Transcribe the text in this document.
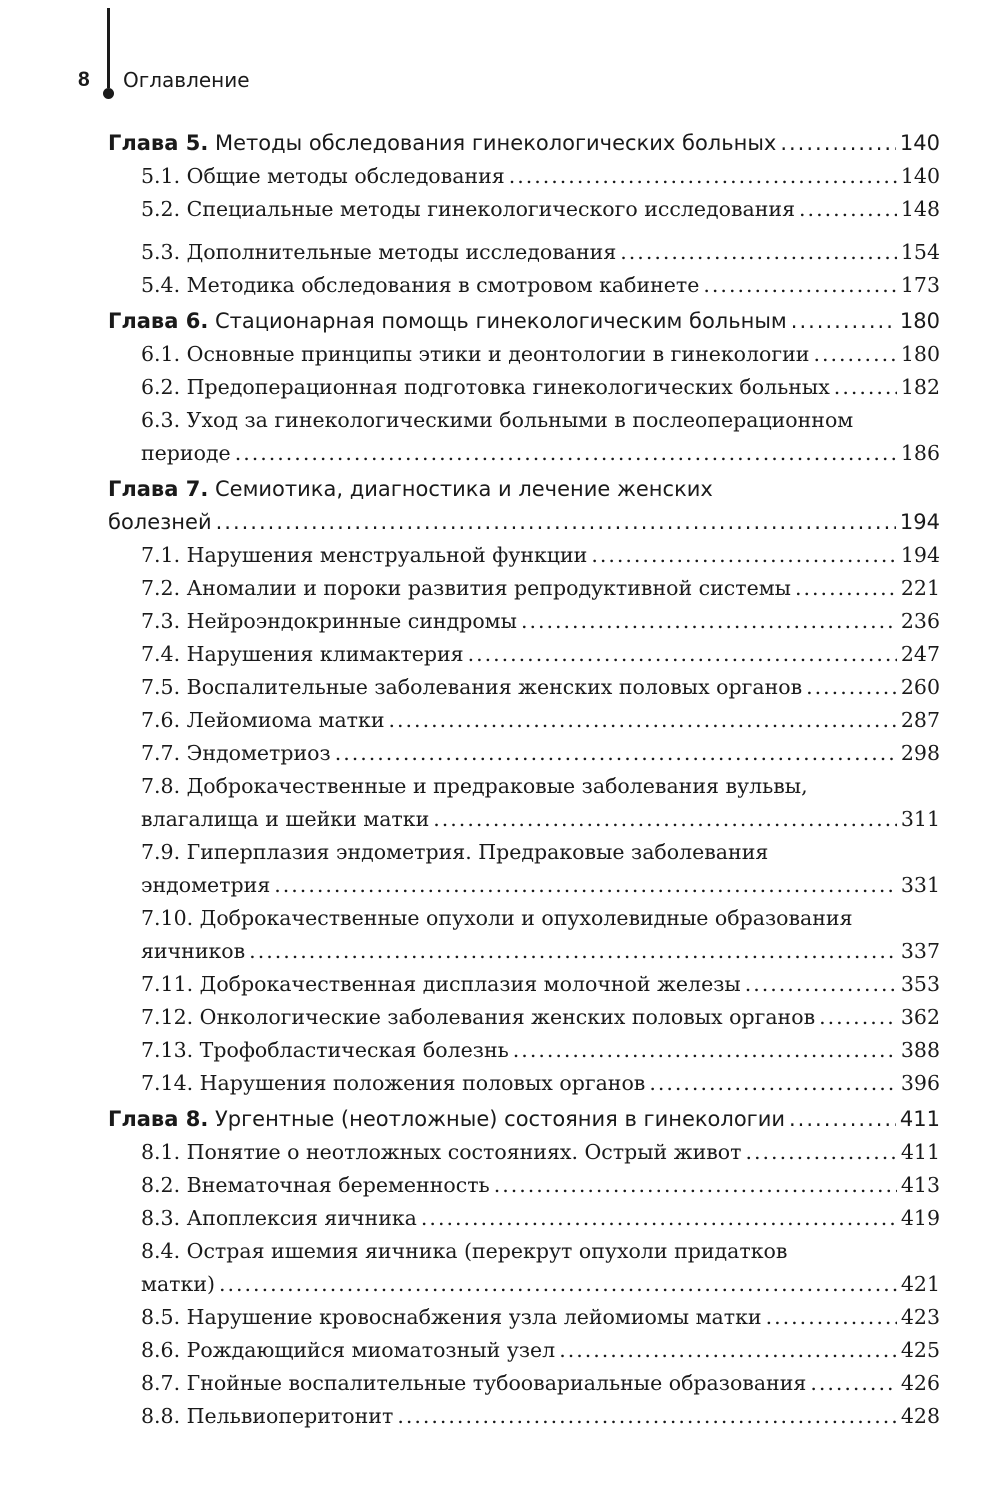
8 Оглавление
Глава 5. Методы обследования гинекологических больных .....	140
5.1. Общие методы обследования .....	140
5.2. Специальные методы гинекологического исследования .....	148
5.3. Дополнительные методы исследования .....	154
5.4. Методика обследования в смотровом кабинете .....	173
Глава 6. Стационарная помощь гинекологическим больным .....	180
6.1. Основные принципы этики и деонтологии в гинекологии .....	180
6.2. Предоперационная подготовка гинекологических больных .....	182
6.3. Уход за гинекологическими больными в послеоперационном
периоде .....	186
Глава 7. Семиотика, диагностика и лечение женских
болезней .....	194
7.1. Нарушения менструальной функции .....	194
7.2. Аномалии и пороки развития репродуктивной системы .....	221
7.3. Нейроэндокринные синдромы .....	236
7.4. Нарушения климактерия .....	247
7.5. Воспалительные заболевания женских половых органов .....	260
7.6. Лейомиома матки .....	287
7.7. Эндометриоз .....	298
7.8. Доброкачественные и предраковые заболевания вульвы,
влагалища и шейки матки .....	311
7.9. Гиперплазия эндометрия. Предраковые заболевания
эндометрия .....	331
7.10. Доброкачественные опухоли и опухолевидные образования
яичников .....	337
7.11. Доброкачественная дисплазия молочной железы .....	353
7.12. Онкологические заболевания женских половых органов .....	362
7.13. Трофобластическая болезнь .....	388
7.14. Нарушения положения половых органов .....	396
Глава 8. Ургентные (неотложные) состояния в гинекологии .....	411
8.1. Понятие о неотложных состояниях. Острый живот .....	411
8.2. Внематочная беременность .....	413
8.3. Апоплексия яичника .....	419
8.4. Острая ишемия яичника (перекрут опухоли придатков
матки) .....	421
8.5. Нарушение кровоснабжения узла лейомиомы матки .....	423
8.6. Рождающийся миоматозный узел .....	425
8.7. Гнойные воспалительные тубоовариальные образования .....	426
8.8. Пельвиоперитонит .....	428
